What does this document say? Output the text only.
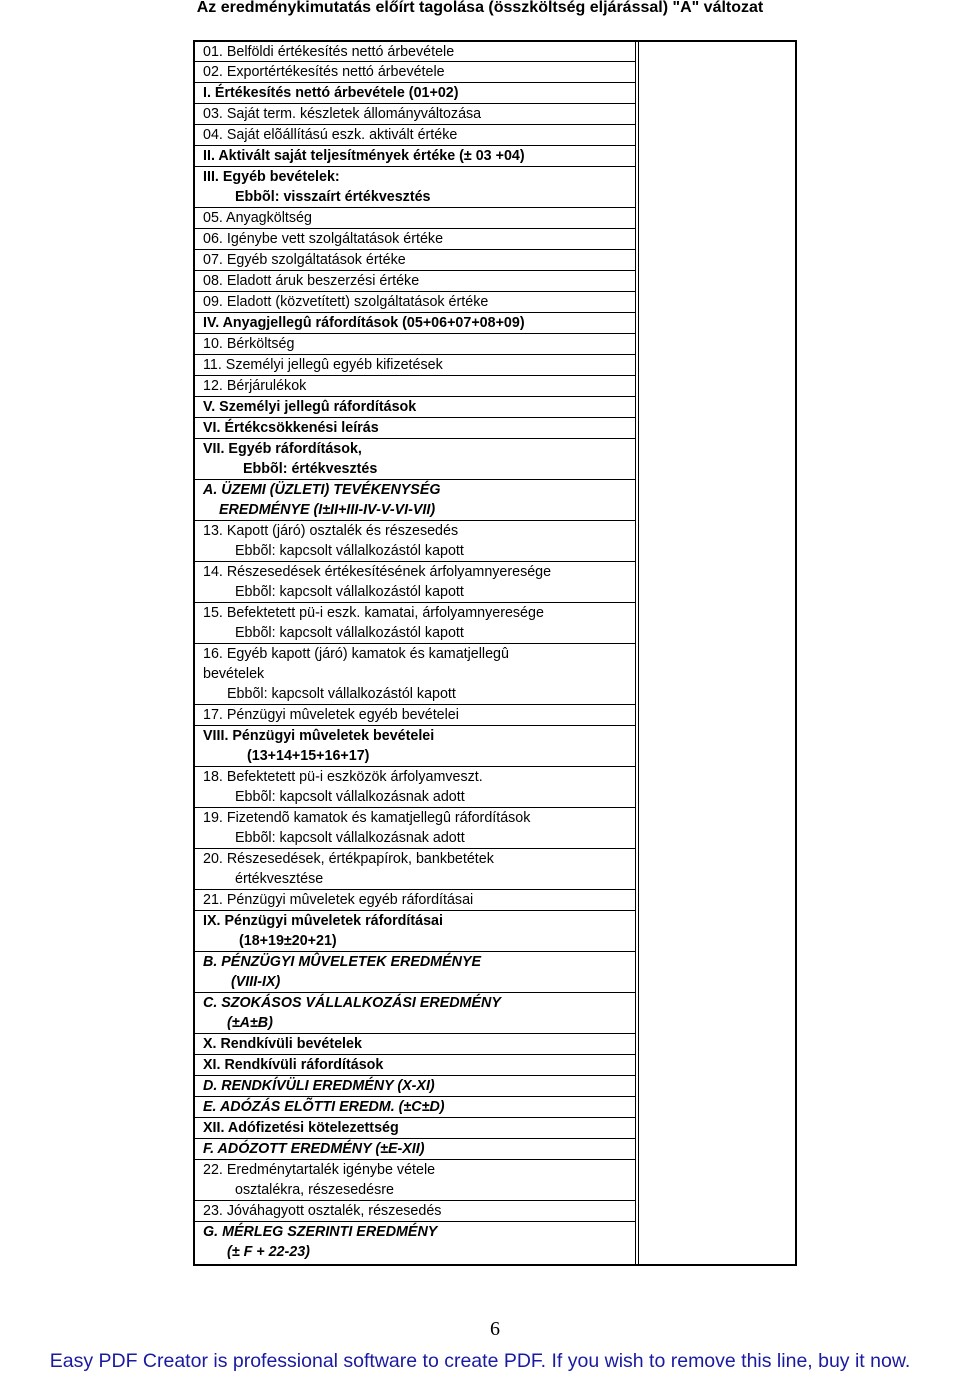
Az eredménykimutatás előírt tagolása (összköltség eljárással) "A" változat
01. Belföldi értékesítés nettó árbevétele
02. Exportértékesítés nettó árbevétele
I. Értékesítés nettó árbevétele (01+02)
03. Saját term. készletek állományváltozása
04. Saját elõállítású eszk. aktivált értéke
II. Aktivált saját teljesítmények értéke (± 03 +04)
III. Egyéb bevételek:
Ebbõl: visszaírt értékvesztés
05. Anyagköltség
06. Igénybe vett szolgáltatások értéke
07. Egyéb szolgáltatások értéke
08. Eladott áruk beszerzési értéke
09. Eladott (közvetített) szolgáltatások értéke
IV. Anyagjellegû ráfordítások (05+06+07+08+09)
10. Bérköltség
11. Személyi jellegû egyéb kifizetések
12. Bérjárulékok
V. Személyi jellegû ráfordítások
VI. Értékcsökkenési leírás
VII. Egyéb ráfordítások,
Ebbõl: értékvesztés
A. ÜZEMI (ÜZLETI) TEVÉKENYSÉG
EREDMÉNYE (I±II+III-IV-V-VI-VII)
13. Kapott (járó) osztalék és részesedés
Ebbõl: kapcsolt vállalkozástól kapott
14. Részesedések értékesítésének árfolyamnyeresége
Ebbõl: kapcsolt vállalkozástól kapott
15. Befektetett pü-i eszk. kamatai, árfolyamnyeresége
Ebbõl: kapcsolt vállalkozástól kapott
16. Egyéb kapott (járó) kamatok és kamatjellegû
bevételek
Ebbõl: kapcsolt vállalkozástól kapott
17. Pénzügyi mûveletek egyéb bevételei
VIII. Pénzügyi mûveletek bevételei
(13+14+15+16+17)
18. Befektetett pü-i eszközök árfolyamveszt.
Ebbõl: kapcsolt vállalkozásnak adott
19. Fizetendõ kamatok és kamatjellegû ráfordítások
Ebbõl: kapcsolt vállalkozásnak adott
20. Részesedések, értékpapírok, bankbetétek
értékvesztése
21. Pénzügyi mûveletek egyéb ráfordításai
IX. Pénzügyi mûveletek ráfordításai
(18+19±20+21)
B. PÉNZÜGYI MÛVELETEK EREDMÉNYE
(VIII-IX)
C. SZOKÁSOS VÁLLALKOZÁSI EREDMÉNY
(±A±B)
X. Rendkívüli bevételek
XI. Rendkívüli ráfordítások
D. RENDKÍVÜLI EREDMÉNY (X-XI)
E. ADÓZÁS ELÕTTI EREDM. (±C±D)
XII. Adófizetési kötelezettség
F. ADÓZOTT EREDMÉNY (±E-XII)
22. Eredménytartalék igénybe vétele
osztalékra, részesedésre
23. Jóváhagyott osztalék, részesedés
G. MÉRLEG SZERINTI EREDMÉNY
(± F + 22-23)
6
Easy PDF Creator is professional software to create PDF. If you wish to remove this line, buy it now.
